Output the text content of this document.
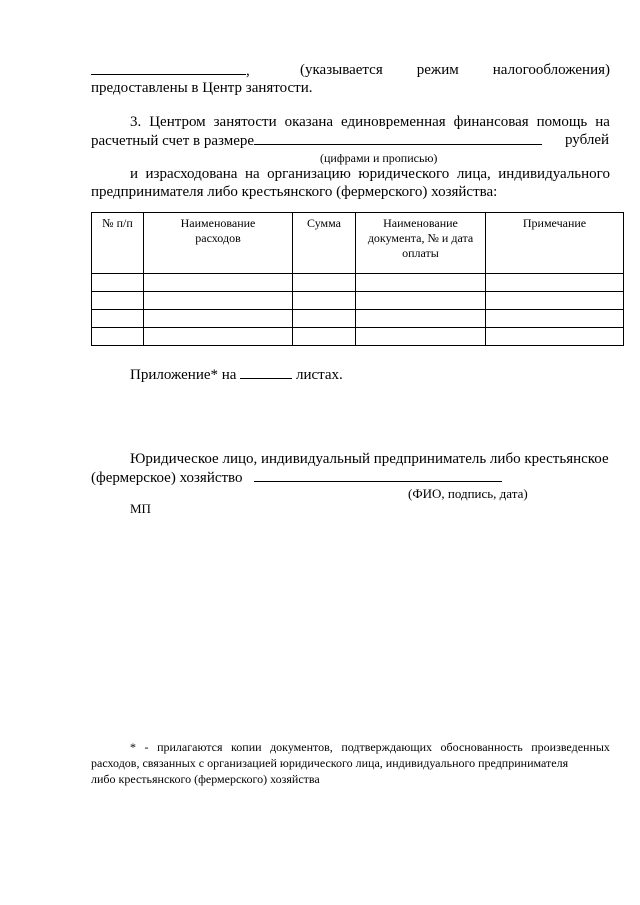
,	(указывается режим налогообложения)
предоставлены в Центр занятости.
3. Центром занятости оказана единовременная финансовая помощь на
расчетный счет в размере	рублей
(цифрами и прописью)
и израсходована на организацию юридического лица, индивидуального
предпринимателя либо крестьянского (фермерского) хозяйства:
№ п/п	Наименование расходов	Сумма	Наименование документа, № и дата оплаты	Примечание

Приложение* на	листах.
Юридическое лицо, индивидуальный предприниматель либо крестьянское
(фермерское) хозяйство
(ФИО, подпись, дата)
МП
* - прилагаются копии документов, подтверждающих обоснованность произведенных
расходов, связанных с организацией юридического лица, индивидуального предпринимателя
либо крестьянского (фермерского) хозяйства
